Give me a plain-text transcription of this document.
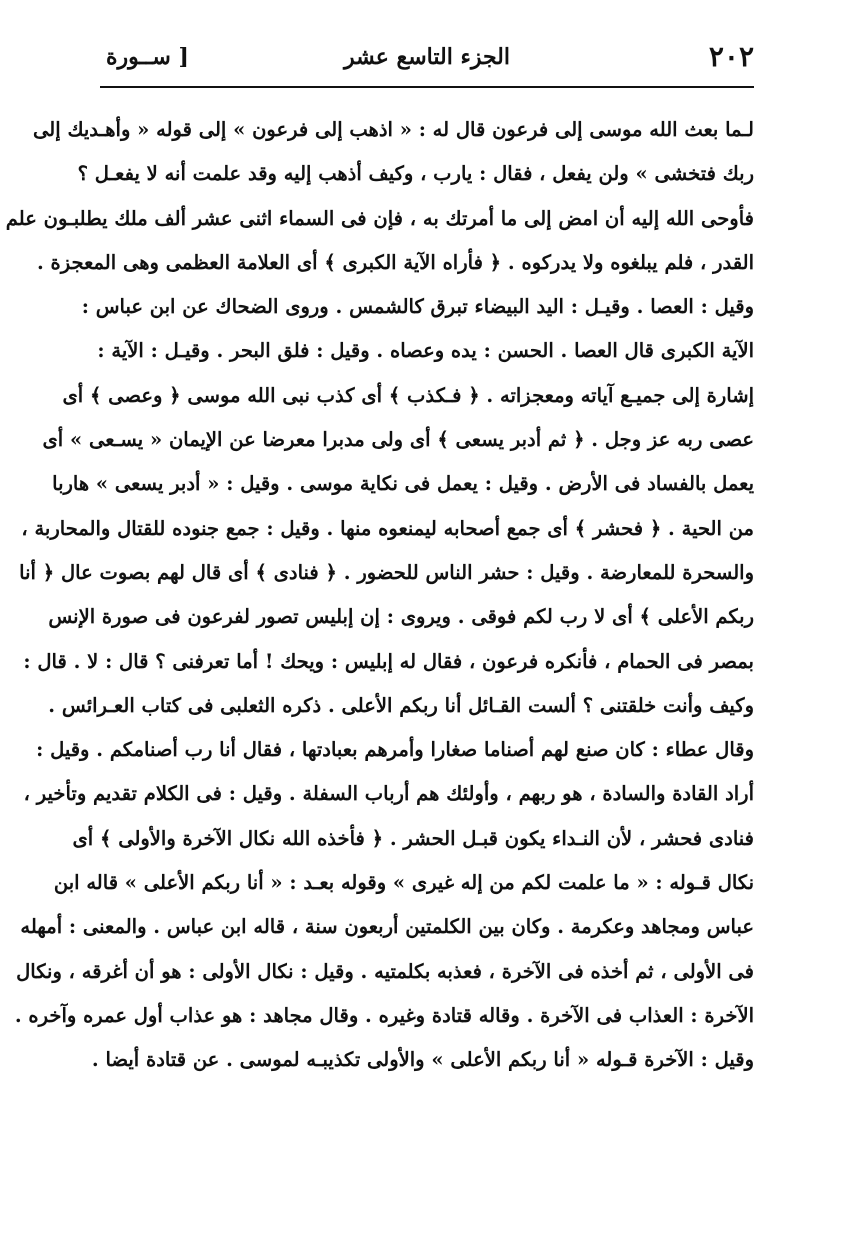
٢٠٢
الجزء التاسع عشر
[ ســورة
لـما بعث الله موسى إلى فرعون قال له : « اذهب إلى فرعون » إلى قوله « وأهـديك إلى
ربك فتخشى » ولن يفعل ، فقال : يارب ، وكيف أذهب إليه وقد علمت أنه لا يفعـل ؟
فأوحى الله إليه أن امض إلى ما أمرتك به ، فإن فى السماء اثنى عشر ألف ملك يطلبـون علم
القدر ، فلم يبلغوه ولا يدركوه . ﴿ فأراه الآية الكبرى ﴾ أى العلامة العظمى وهى المعجزة .
وقيل : العصا . وقيـل : اليد البيضاء تبرق كالشمس . وروى الضحاك عن ابن عباس :
الآية الكبرى قال العصا . الحسن : يده وعصاه . وقيل : فلق البحر . وقيـل : الآية :
إشارة إلى جميـع آياته ومعجزاته . ﴿ فـكذب ﴾ أى كذب نبى الله موسى ﴿ وعصى ﴾ أى
عصى ربه عز وجل . ﴿ ثم أدبر يسعى ﴾ أى ولى مدبرا معرضا عن الإيمان « يسـعى » أى
يعمل بالفساد فى الأرض . وقيل : يعمل فى نكاية موسى . وقيل : « أدبر يسعى » هاربا
من الحية . ﴿ فحشر ﴾ أى جمع أصحابه ليمنعوه منها . وقيل : جمع جنوده للقتال والمحاربة ،
والسحرة للمعارضة . وقيل : حشر الناس للحضور . ﴿ فنادى ﴾ أى قال لهم بصوت عال ﴿ أنا
ربكم الأعلى ﴾ أى لا رب لكم فوقى . ويروى : إن إبليس تصور لفرعون فى صورة الإنس
بمصر فى الحمام ، فأنكره فرعون ، فقال له إبليس : ويحك ! أما تعرفنى ؟ قال : لا . قال :
وكيف وأنت خلقتنى ؟ ألست القـائل أنا ربكم الأعلى . ذكره الثعلبى فى كتاب العـرائس .
وقال عطاء : كان صنع لهم أصناما صغارا وأمرهم بعبادتها ، فقال أنا رب أصنامكم . وقيل :
أراد القادة والسادة ، هو ربهم ، وأولئك هم أرباب السفلة . وقيل : فى الكلام تقديم وتأخير ،
فنادى فحشر ، لأن النـداء يكون قبـل الحشر . ﴿ فأخذه الله نكال الآخرة والأولى ﴾ أى
نكال قـوله : « ما علمت لكم من إله غيرى » وقوله بعـد : « أنا ربكم الأعلى » قاله ابن
عباس ومجاهد وعكرمة . وكان بين الكلمتين أربعون سنة ، قاله ابن عباس . والمعنى : أمهله
فى الأولى ، ثم أخذه فى الآخرة ، فعذبه بكلمتيه . وقيل : نكال الأولى : هو أن أغرقه ، ونكال
الآخرة : العذاب فى الآخرة . وقاله قتادة وغيره . وقال مجاهد : هو عذاب أول عمره وآخره .
وقيل : الآخرة قـوله « أنا ربكم الأعلى » والأولى تكذيبـه لموسى . عن قتادة أيضا .
